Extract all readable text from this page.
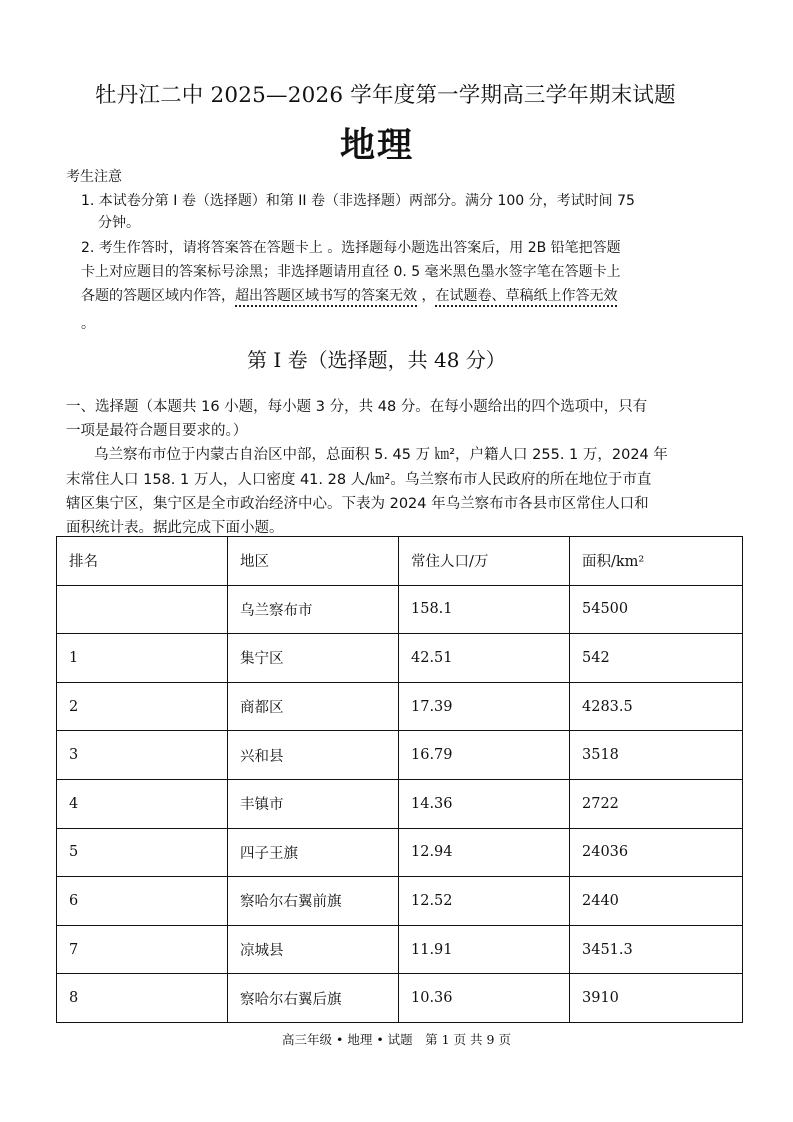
牡丹江二中 2025—2026 学年度第一学期高三学年期末试题
地理
考生注意
1. 本试卷分第 I 卷（选择题）和第 II 卷（非选择题）两部分。满分 100 分，考试时间 75
分钟。
2. 考生作答时，请将答案答在答题卡上 。选择题每小题选出答案后，用 2B 铅笔把答题
卡上对应题目的答案标号涂黑；非选择题请用直径 0. 5 毫米黑色墨水签字笔在答题卡上
各题的答题区域内作答，超出答题区域书写的答案无效 ，在试题卷、草稿纸上作答无效
。
第 I 卷（选择题，共 48 分）
一、选择题（本题共 16 小题，每小题 3 分，共 48 分。在每小题给出的四个选项中，只有
一项是最符合题目要求的。）
乌兰察布市位于内蒙古自治区中部，总面积 5. 45 万 ㎞²，户籍人口 255. 1 万，2024 年
末常住人口 158. 1 万人，人口密度 41. 28 人/㎞²。乌兰察布市人民政府的所在地位于市直
辖区集宁区，集宁区是全市政治经济中心。下表为 2024 年乌兰察布市各县市区常住人口和
面积统计表。据此完成下面小题。
排名	地区	常住人口/万	面积/km²
	乌兰察布市	158.1	54500
1	集宁区	42.51	542
2	商都区	17.39	4283.5
3	兴和县	16.79	3518
4	丰镇市	14.36	2722
5	四子王旗	12.94	24036
6	察哈尔右翼前旗	12.52	2440
7	凉城县	11.91	3451.3
8	察哈尔右翼后旗	10.36	3910
高三年级 • 地理 • 试题　第 1 页 共 9 页
